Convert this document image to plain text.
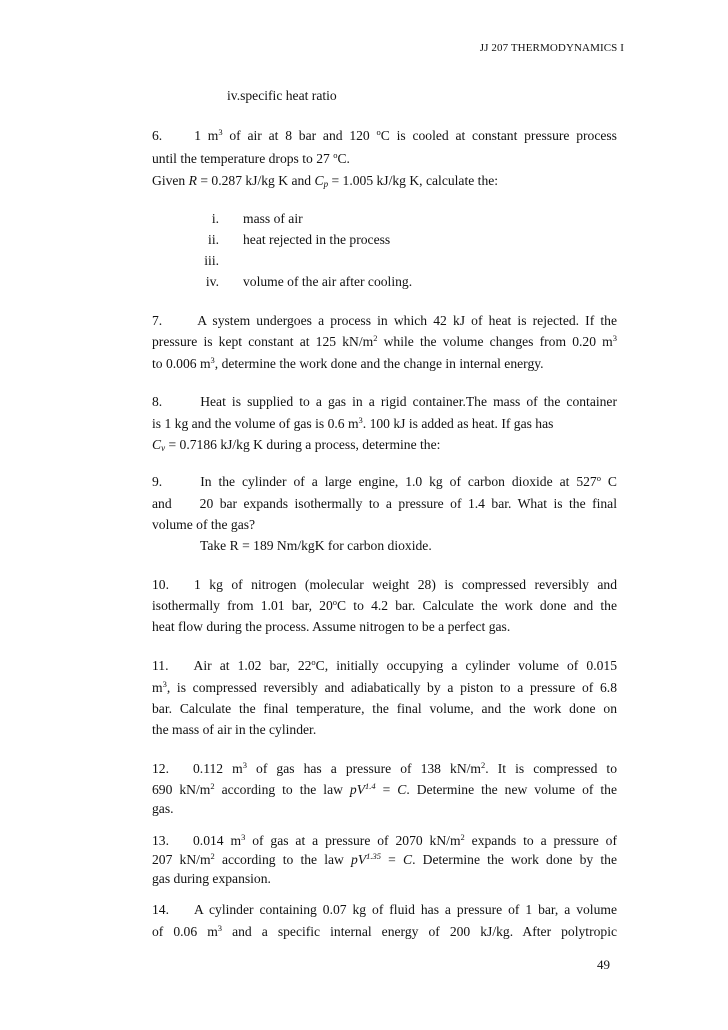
JJ 207 THERMODYNAMICS I
iv.specific heat ratio
6. 1 $m^3$ of air at 8 bar and 120 $^o$C is cooled at constant pressure process
until the temperature drops to 27 $^o$C.
Given R = 0.287 kJ/kg K and $C_p = 1.005$ kJ/kg K, calculate the:
i. mass of air
ii. heat rejected in the process
iii.
iv. volume of the air after cooling.
7.	A system undergoes a process in which 42 kJ of heat is rejected. If the
pressure is kept constant at 125 $kN/m^2$ while the volume changes from 0.20 $m^3$
to 0.006 $m^3$, determine the work done and the change in internal energy.
8.	Heat is supplied to a gas in a rigid container.The mass of the container
is 1 kg and the volume of gas is 0.6 $m^3$. 100 kJ is added as heat. If gas has
$C_v = 0.7186$ kJ/kg K during a process, determine the:
9.	In the cylinder of a large engine, 1.0 kg of carbon dioxide at 527$^o$ C
and 20 bar expands isothermally to a pressure of 1.4 bar. What is the final
volume of the gas?
Take R = 189 Nm/kgK for carbon dioxide.
10. 1 kg of nitrogen (molecular weight 28) is compressed reversibly and
isothermally from 1.01 bar, 20$^o$C to 4.2 bar. Calculate the work done and the
heat flow during the process. Assume nitrogen to be a perfect gas.
11. Air at 1.02 bar, 22$^o$C, initially occupying a cylinder volume of 0.015
$m^3$, is compressed reversibly and adiabatically by a piston to a pressure of 6.8
bar. Calculate the final temperature, the final volume, and the work done on
the mass of air in the cylinder.
12. 0.112 $m^3$ of gas has a pressure of 138 $kN/m^2$. It is compressed to
690 $kN/m^2$ according to the law $pV^{1.4} = C$. Determine the new volume of the
gas.
13. 0.014 $m^3$ of gas at a pressure of 2070 $kN/m^2$ expands to a pressure of
207 $kN/m^2$ according to the law $pV^{1.35} = C$. Determine the work done by the
gas during expansion.
14. A cylinder containing 0.07 kg of fluid has a pressure of 1 bar, a volume
of 0.06 $m^3$ and a specific internal energy of 200 kJ/kg. After polytropic
49
